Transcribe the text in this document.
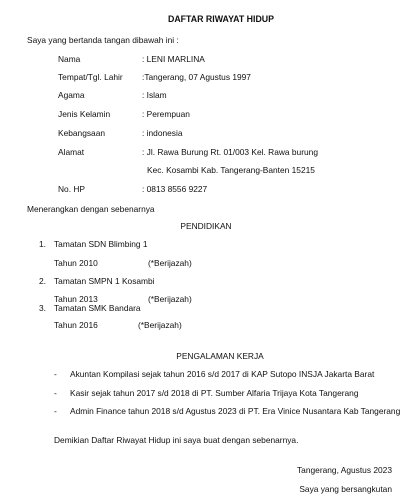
DAFTAR RIWAYAT HIDUP
Saya yang bertanda tangan dibawah ini :
Nama	: LENI MARLINA
Tempat/Tgl. Lahir :Tangerang, 07 Agustus 1997
Agama	: Islam
Jenis Kelamin	: Perempuan
Kebangsaan	: indonesia
Alamat	: Jl. Rawa Burung Rt. 01/003 Kel. Rawa burung
Kec. Kosambi Kab. Tangerang-Banten 15215
No. HP	: 0813 8556 9227
Menerangkan dengan sebenarnya
PENDIDIKAN
1. Tamatan SDN Blimbing 1
Tahun 2010	(*Berijazah)
2. Tamatan SMPN 1 Kosambi
Tahun 2013	(*Berijazah)
3. Tamatan SMK Bandara
Tahun 2016	(*Berijazah)
PENGALAMAN KERJA
- Akuntan Kompilasi sejak tahun 2016 s/d 2017 di KAP Sutopo INSJA Jakarta Barat
- Kasir sejak tahun 2017 s/d 2018 di PT. Sumber Alfaria Trijaya Kota Tangerang
- Admin Finance tahun 2018 s/d Agustus 2023 di PT. Era Vinice Nusantara Kab Tangerang
Demikian Daftar Riwayat Hidup ini saya buat dengan sebenarnya.
Tangerang, Agustus 2023
Saya yang bersangkutan
